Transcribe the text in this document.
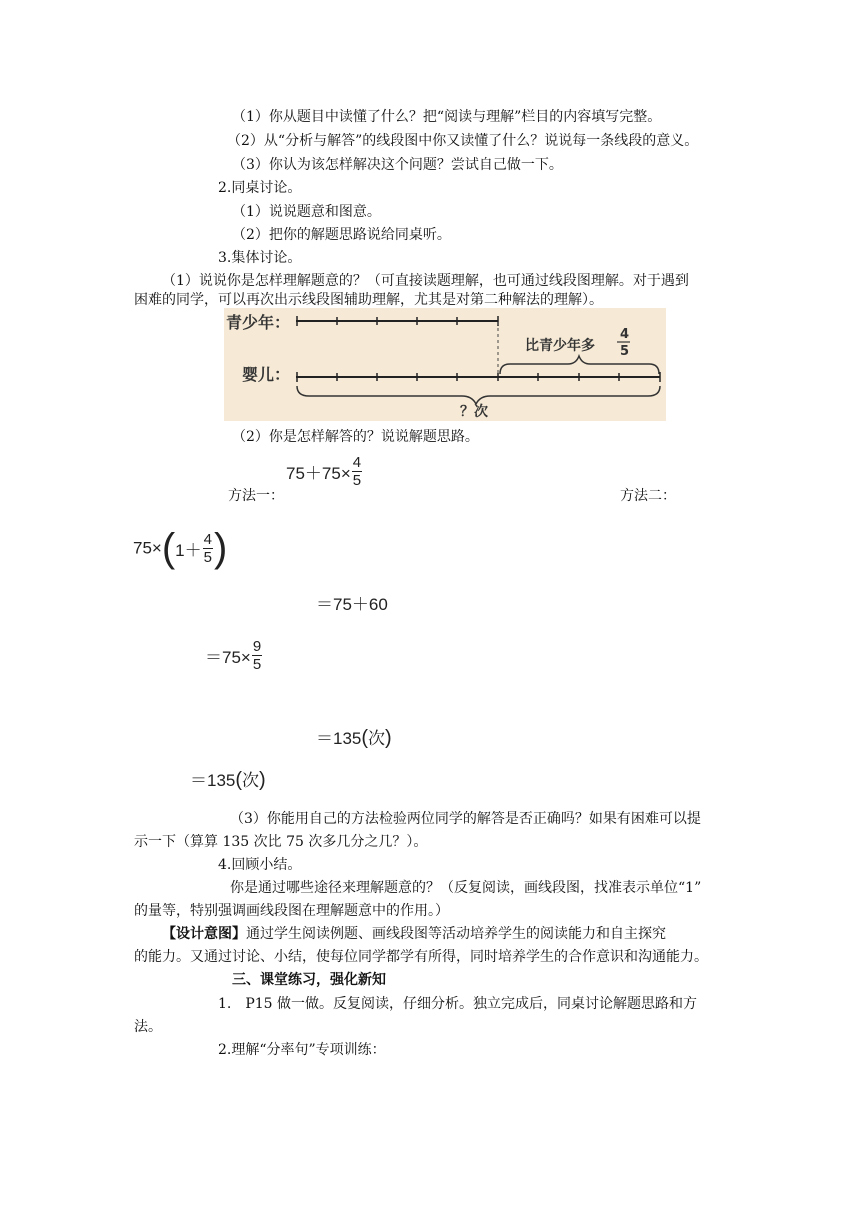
（1）你从题目中读懂了什么？把“阅读与理解”栏目的内容填写完整。
（2）从“分析与解答”的线段图中你又读懂了什么？说说每一条线段的意义。
（3）你认为该怎样解决这个问题？尝试自己做一下。
2.同桌讨论。
（1）说说题意和图意。
（2）把你的解题思路说给同桌听。
3.集体讨论。
（1）说说你是怎样理解题意的？（可直接读题理解，也可通过线段图理解。对于遇到
困难的同学，可以再次出示线段图辅助理解，尤其是对第二种解法的理解）。
青少年：
婴儿：
比青少年多
4
5
？次
（2）你是怎样解答的？说说解题思路。
$75+75\times \frac{4}{5}$
方法一：	方法二：
$75\times(1+ \frac{4}{5}$ )
＝75＋60
$=75\times \frac{9}{5}$
＝135(次)
＝135(次)
（3）你能用自己的方法检验两位同学的解答是否正确吗？如果有困难可以提
示一下（算算 135 次比 75 次多几分之几？）。
4.回顾小结。
你是通过哪些途径来理解题意的？（反复阅读，画线段图，找准表示单位“1”
的量等，特别强调画线段图在理解题意中的作用。）
【设计意图】通过学生阅读例题、画线段图等活动培养学生的阅读能力和自主探究
的能力。又通过讨论、小结，使每位同学都学有所得，同时培养学生的合作意识和沟通能力。
三、课堂练习，强化新知
1.　P15 做一做。反复阅读，仔细分析。独立完成后，同桌讨论解题思路和方
法。
2.理解“分率句”专项训练：
